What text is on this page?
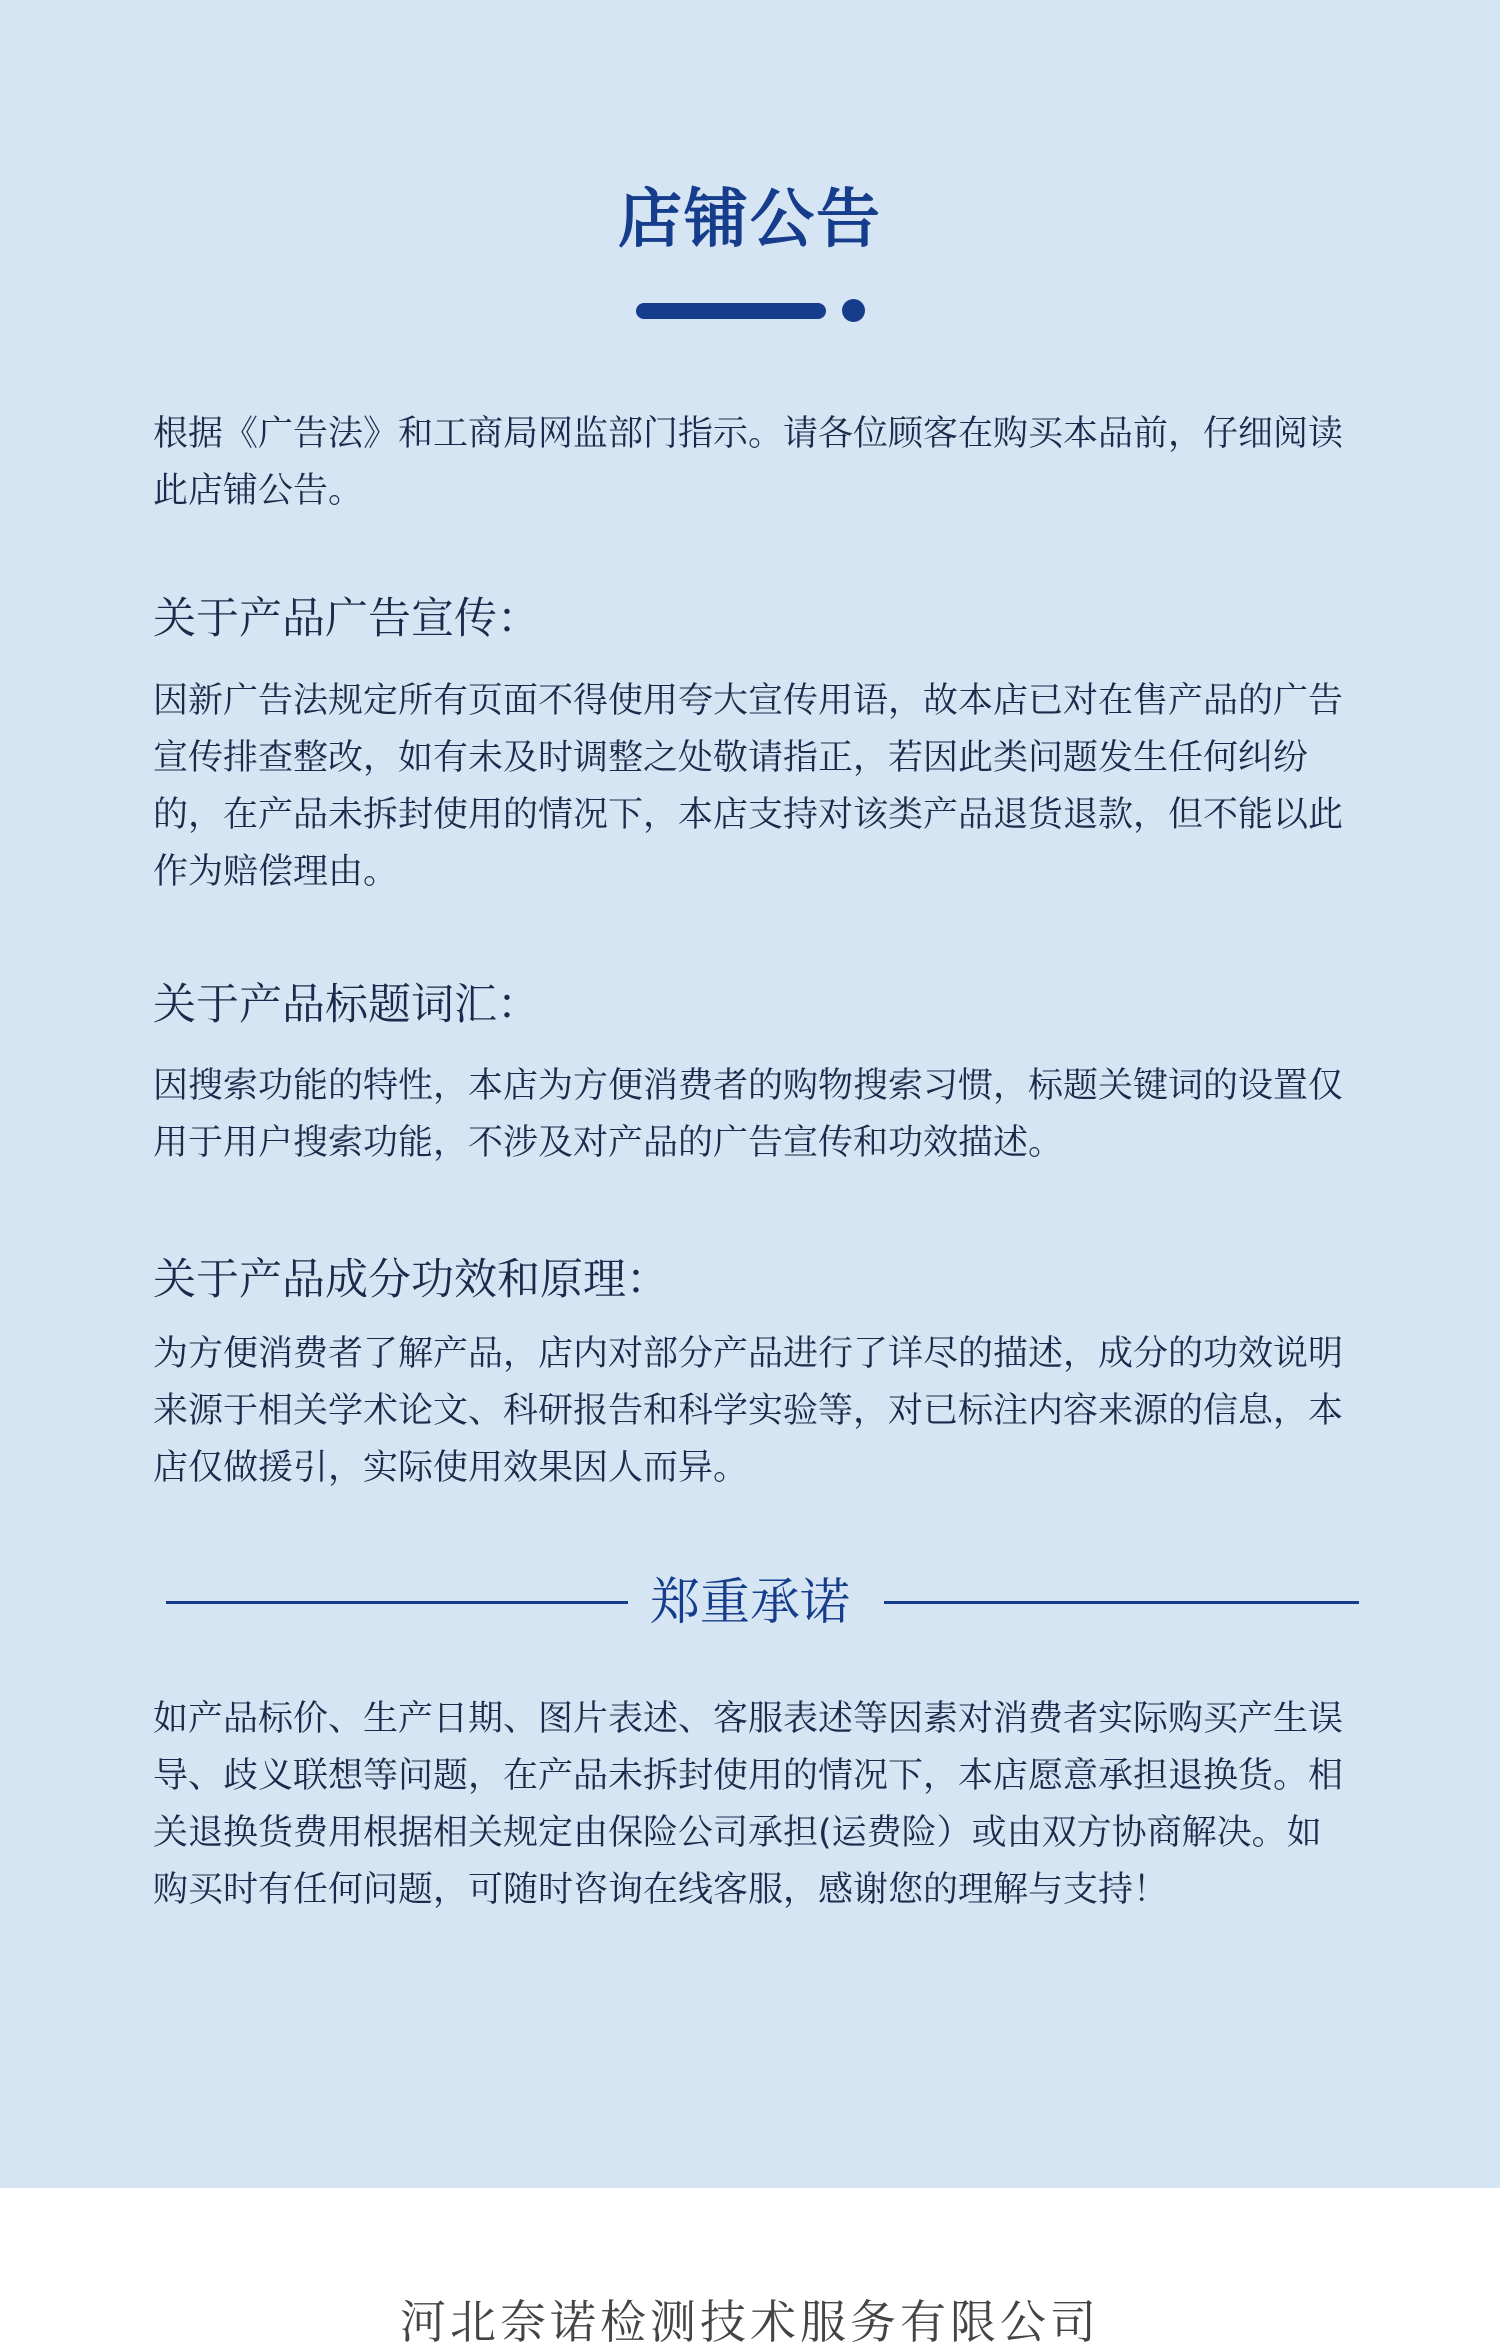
店铺公告

根据《广告法》和工商局网监部门指示。请各位顾客在购买本品前，仔细阅读此店铺公告。

关于产品广告宣传：

因新广告法规定所有页面不得使用夸大宣传用语，故本店已对在售产品的广告宣传排查整改，如有未及时调整之处敬请指正，若因此类问题发生任何纠纷的，在产品未拆封使用的情况下，本店支持对该类产品退货退款，但不能以此作为赔偿理由。

关于产品标题词汇：

因搜索功能的特性，本店为方便消费者的购物搜索习惯，标题关键词的设置仅用于用户搜索功能，不涉及对产品的广告宣传和功效描述。

关于产品成分功效和原理：

为方便消费者了解产品，店内对部分产品进行了详尽的描述，成分的功效说明来源于相关学术论文、科研报告和科学实验等，对已标注内容来源的信息，本店仅做援引，实际使用效果因人而异。

郑重承诺

如产品标价、生产日期、图片表述、客服表述等因素对消费者实际购买产生误导、歧义联想等问题，在产品未拆封使用的情况下，本店愿意承担退换货。相关退换货费用根据相关规定由保险公司承担(运费险）或由双方协商解决。如购买时有任何问题，可随时咨询在线客服，感谢您的理解与支持！

河北奈诺检测技术服务有限公司
